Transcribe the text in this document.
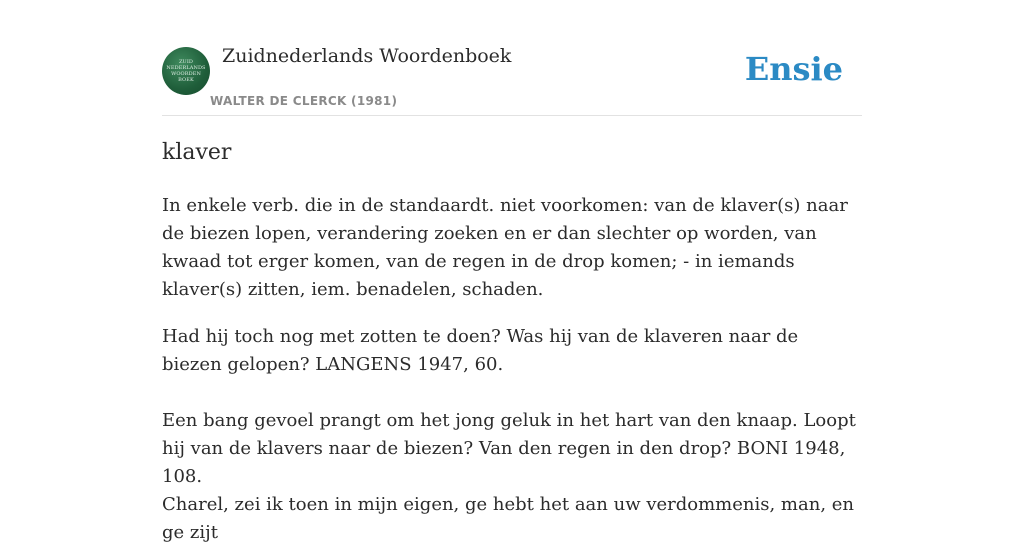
ZUID
NEDERLANDS
WOORDEN
BOEK
Zuidnederlands Woordenboek
WALTER DE CLERCK (1981)
Ensie
klaver

In enkele verb. die in de standaardt. niet voorkomen: van de klaver(s) naar de biezen lopen, verandering zoeken en er dan slechter op worden, van kwaad tot erger komen, van de regen in de drop komen; - in iemands klaver(s) zitten, iem. benadelen, schaden.

Had hij toch nog met zotten te doen? Was hij van de klaveren naar de biezen gelopen? LANGENS 1947, 60.

Een bang gevoel prangt om het jong geluk in het hart van den knaap. Loopt hij van de klavers naar de biezen? Van den regen in den drop? BONI 1948, 108.

Charel, zei ik toen in mijn eigen, ge hebt het aan uw verdommenis, man, en ge zijt
